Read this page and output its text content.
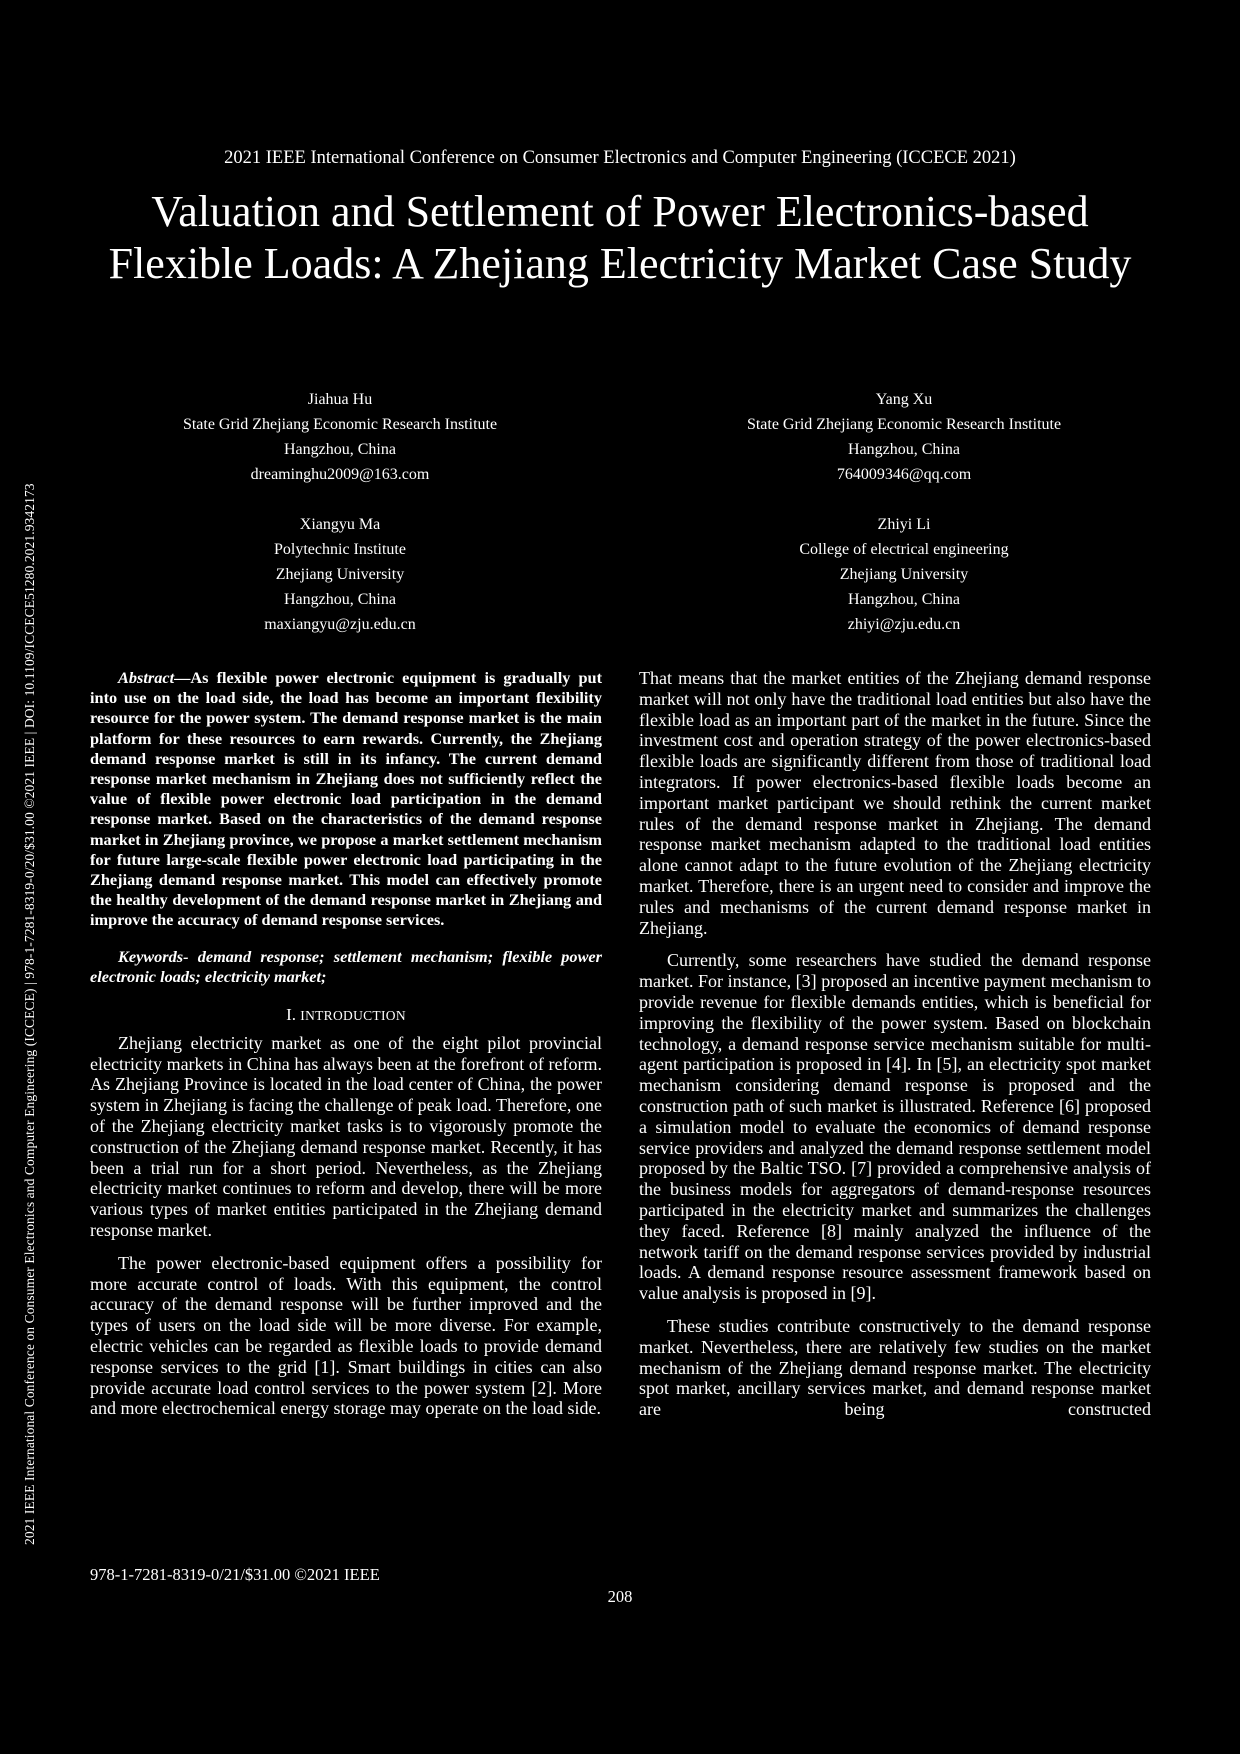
2021 IEEE International Conference on Consumer Electronics and Computer Engineering (ICCECE) | 978-1-7281-8319-0/20/$31.00 ©2021 IEEE | DOI: 10.1109/ICCECE51280.2021.9342173
2021 IEEE International Conference on Consumer Electronics and Computer Engineering (ICCECE 2021)
Valuation and Settlement of Power Electronics-based Flexible Loads: A Zhejiang Electricity Market Case Study
Jiahua Hu
State Grid Zhejiang Economic Research Institute
Hangzhou, China
dreaminghu2009@163.com
Yang Xu
State Grid Zhejiang Economic Research Institute
Hangzhou, China
764009346@qq.com
Xiangyu Ma
Polytechnic Institute
Zhejiang University
Hangzhou, China
maxiangyu@zju.edu.cn
Zhiyi Li
College of electrical engineering
Zhejiang University
Hangzhou, China
zhiyi@zju.edu.cn

Abstract—As flexible power electronic equipment is gradually put into use on the load side, the load has become an important flexibility resource for the power system. The demand response market is the main platform for these resources to earn rewards. Currently, the Zhejiang demand response market is still in its infancy. The current demand response market mechanism in Zhejiang does not sufficiently reflect the value of flexible power electronic load participation in the demand response market. Based on the characteristics of the demand response market in Zhejiang province, we propose a market settlement mechanism for future large-scale flexible power electronic load participating in the Zhejiang demand response market. This model can effectively promote the healthy development of the demand response market in Zhejiang and improve the accuracy of demand response services.

Keywords- demand response; settlement mechanism; flexible power electronic loads; electricity market;

I. INTRODUCTION

Zhejiang electricity market as one of the eight pilot provincial electricity markets in China has always been at the forefront of reform. As Zhejiang Province is located in the load center of China, the power system in Zhejiang is facing the challenge of peak load. Therefore, one of the Zhejiang electricity market tasks is to vigorously promote the construction of the Zhejiang demand response market. Recently, it has been a trial run for a short period. Nevertheless, as the Zhejiang electricity market continues to reform and develop, there will be more various types of market entities participated in the Zhejiang demand response market.

The power electronic-based equipment offers a possibility for more accurate control of loads. With this equipment, the control accuracy of the demand response will be further improved and the types of users on the load side will be more diverse. For example, electric vehicles can be regarded as flexible loads to provide demand response services to the grid [1]. Smart buildings in cities can also provide accurate load control services to the power system [2]. More and more electrochemical energy storage may operate on the load side.

That means that the market entities of the Zhejiang demand response market will not only have the traditional load entities but also have the flexible load as an important part of the market in the future. Since the investment cost and operation strategy of the power electronics-based flexible loads are significantly different from those of traditional load integrators. If power electronics-based flexible loads become an important market participant we should rethink the current market rules of the demand response market in Zhejiang. The demand response market mechanism adapted to the traditional load entities alone cannot adapt to the future evolution of the Zhejiang electricity market. Therefore, there is an urgent need to consider and improve the rules and mechanisms of the current demand response market in Zhejiang.

Currently, some researchers have studied the demand response market. For instance, [3] proposed an incentive payment mechanism to provide revenue for flexible demands entities, which is beneficial for improving the flexibility of the power system. Based on blockchain technology, a demand response service mechanism suitable for multi-agent participation is proposed in [4]. In [5], an electricity spot market mechanism considering demand response is proposed and the construction path of such market is illustrated. Reference [6] proposed a simulation model to evaluate the economics of demand response service providers and analyzed the demand response settlement model proposed by the Baltic TSO. [7] provided a comprehensive analysis of the business models for aggregators of demand-response resources participated in the electricity market and summarizes the challenges they faced. Reference [8] mainly analyzed the influence of the network tariff on the demand response services provided by industrial loads. A demand response resource assessment framework based on value analysis is proposed in [9].

These studies contribute constructively to the demand response market. Nevertheless, there are relatively few studies on the market mechanism of the Zhejiang demand response market. The electricity spot market, ancillary services market, and demand response market are being constructed

978-1-7281-8319-0/21/$31.00 ©2021 IEEE
208
